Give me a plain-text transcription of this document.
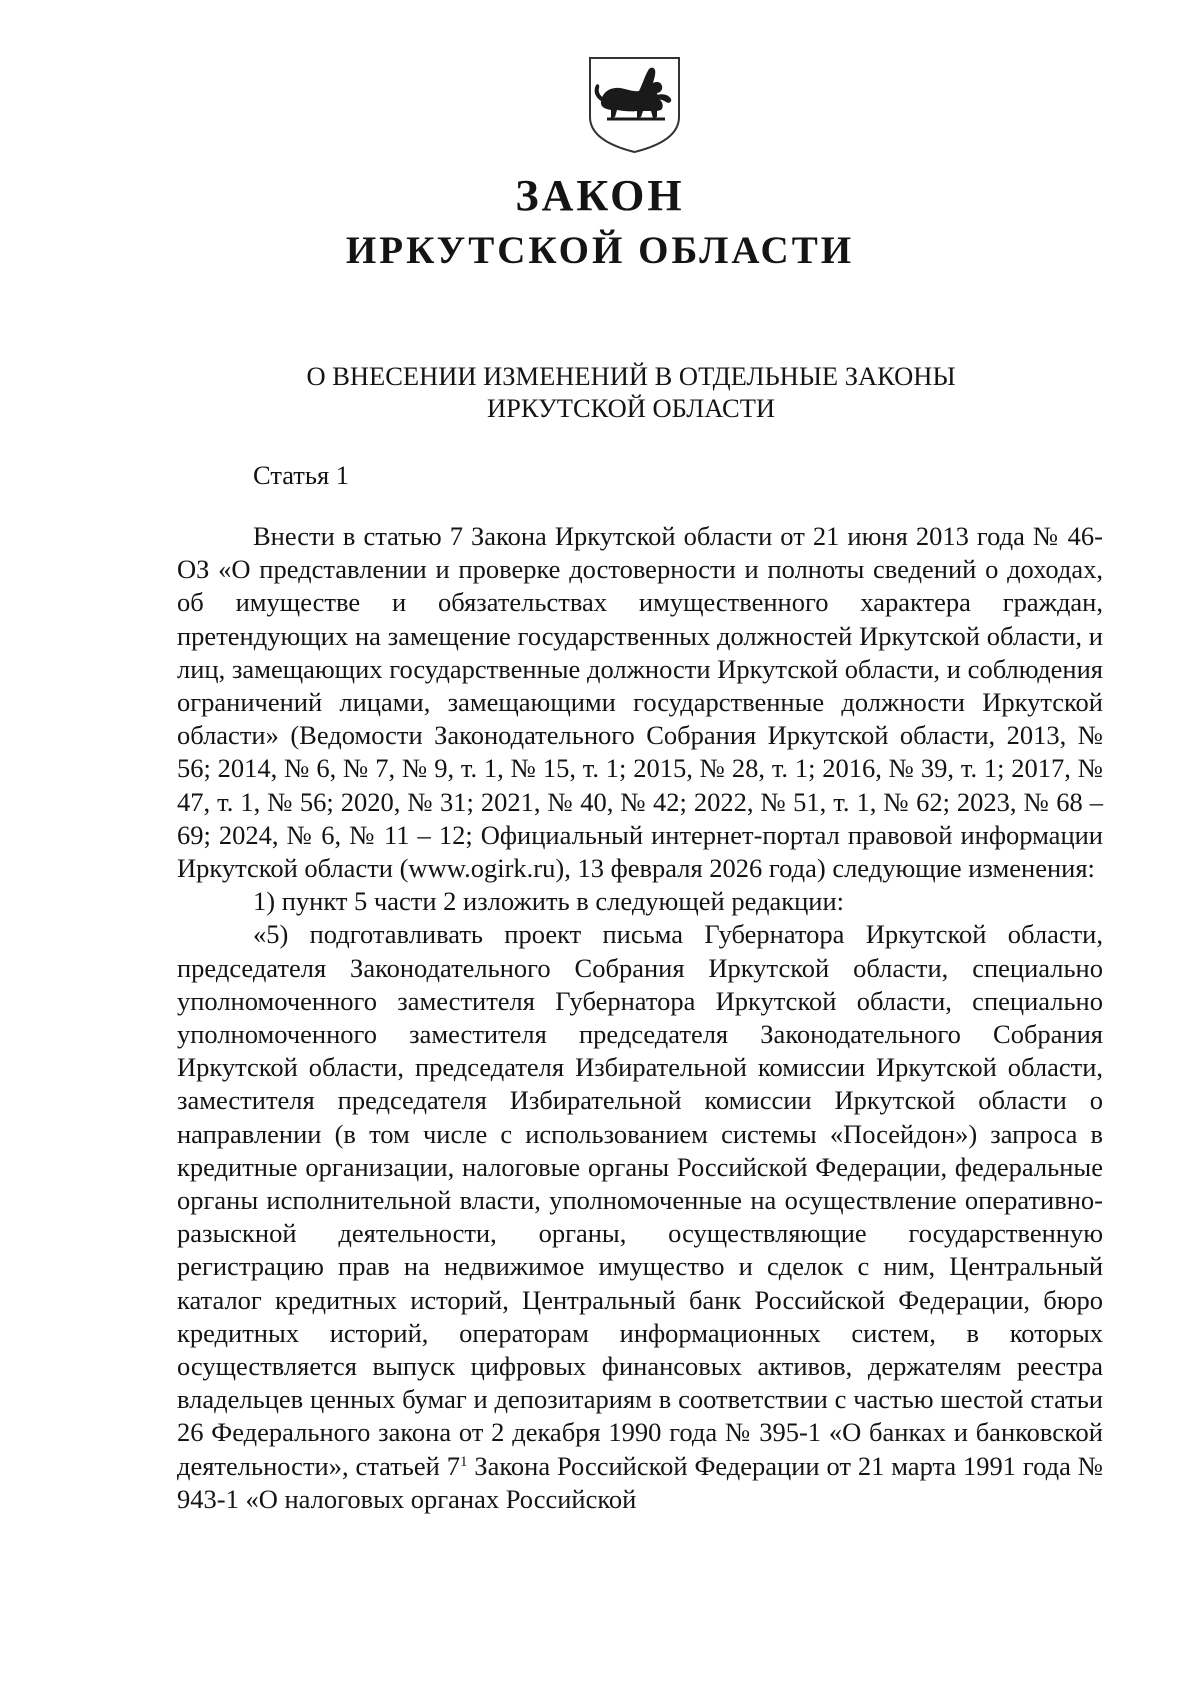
ЗАКОН
ИРКУТСКОЙ ОБЛАСТИ
О ВНЕСЕНИИ ИЗМЕНЕНИЙ В ОТДЕЛЬНЫЕ ЗАКОНЫ
ИРКУТСКОЙ ОБЛАСТИ
Статья 1

Внести в статью 7 Закона Иркутской области от 21 июня 2013 года № 46-ОЗ «О представлении и проверке достоверности и полноты сведений о доходах, об имуществе и обязательствах имущественного характера граждан, претендующих на замещение государственных должностей Иркутской области, и лиц, замещающих государственные должности Иркутской области, и соблюдения ограничений лицами, замещающими государственные должности Иркутской области» (Ведомости Законодательного Собрания Иркутской области, 2013, № 56; 2014, № 6, № 7, № 9, т. 1, № 15, т. 1; 2015, № 28, т. 1; 2016, № 39, т. 1; 2017, № 47, т. 1, № 56; 2020, № 31; 2021, № 40, № 42; 2022, № 51, т. 1, № 62; 2023, № 68 – 69; 2024, № 6, № 11 – 12; Официальный интернет-портал правовой информации Иркутской области (www.ogirk.ru), 13 февраля 2026 года) следующие изменения:

1) пункт 5 части 2 изложить в следующей редакции:

«5) подготавливать проект письма Губернатора Иркутской области, председателя Законодательного Собрания Иркутской области, специально уполномоченного заместителя Губернатора Иркутской области, специально уполномоченного заместителя председателя Законодательного Собрания Иркутской области, председателя Избирательной комиссии Иркутской области, заместителя председателя Избирательной комиссии Иркутской области о направлении (в том числе с использованием системы «Посейдон») запроса в кредитные организации, налоговые органы Российской Федерации, федеральные органы исполнительной власти, уполномоченные на осуществление оперативно-разыскной деятельности, органы, осуществляющие государственную регистрацию прав на недвижимое имущество и сделок с ним, Центральный каталог кредитных историй, Центральный банк Российской Федерации, бюро кредитных историй, операторам информационных систем, в которых осуществляется выпуск цифровых финансовых активов, держателям реестра владельцев ценных бумаг и депозитариям в соответствии с частью шестой статьи 26 Федерального закона от 2 декабря 1990 года № 395-1 «О банках и банковской деятельности», статьей $7^1$ Закона Российской Федерации от 21 марта 1991 года № 943-1 «О налоговых органах Российской
